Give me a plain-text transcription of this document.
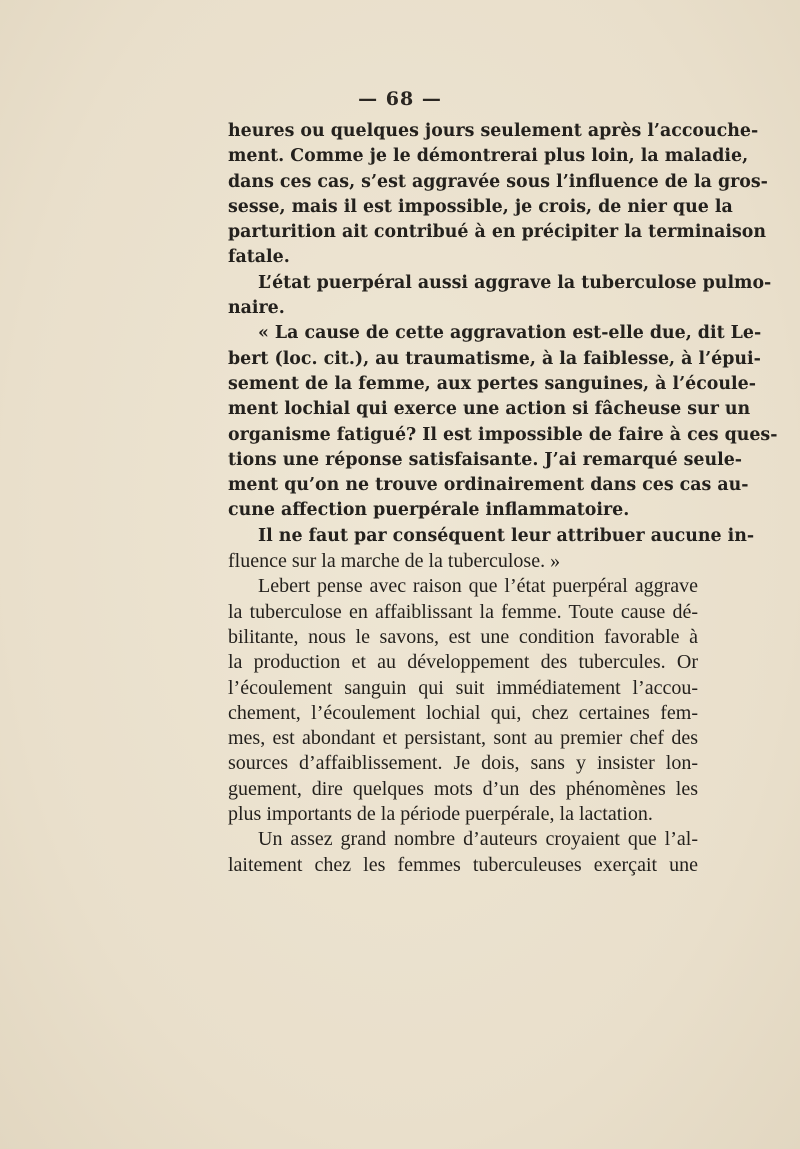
— 68 —
heures ou quelques jours seulement après l’accouche-
ment. Comme je le démontrerai plus loin, la maladie,
dans ces cas, s’est aggravée sous l’influence de la gros-
sesse, mais il est impossible, je crois, de nier que la
parturition ait contribué à en précipiter la terminaison
fatale.
L’état puerpéral aussi aggrave la tuberculose pulmo-
naire.
« La cause de cette aggravation est-elle due, dit Le-
bert (loc. cit.), au traumatisme, à la faiblesse, à l’épui-
sement de la femme, aux pertes sanguines, à l’écoule-
ment lochial qui exerce une action si fâcheuse sur un
organisme fatigué? Il est impossible de faire à ces ques-
tions une réponse satisfaisante. J’ai remarqué seule-
ment qu’on ne trouve ordinairement dans ces cas au-
cune affection puerpérale inflammatoire.
Il ne faut par conséquent leur attribuer aucune in-
fluence sur la marche de la tuberculose. »
Lebert pense avec raison que l’état puerpéral aggrave
la tuberculose en affaiblissant la femme. Toute cause dé-
bilitante, nous le savons, est une condition favorable à
la production et au développement des tubercules. Or
l’écoulement sanguin qui suit immédiatement l’accou-
chement, l’écoulement lochial qui, chez certaines fem-
mes, est abondant et persistant, sont au premier chef des
sources d’affaiblissement. Je dois, sans y insister lon-
guement, dire quelques mots d’un des phénomènes les
plus importants de la période puerpérale, la lactation.
Un assez grand nombre d’auteurs croyaient que l’al-
laitement chez les femmes tuberculeuses exerçait une
